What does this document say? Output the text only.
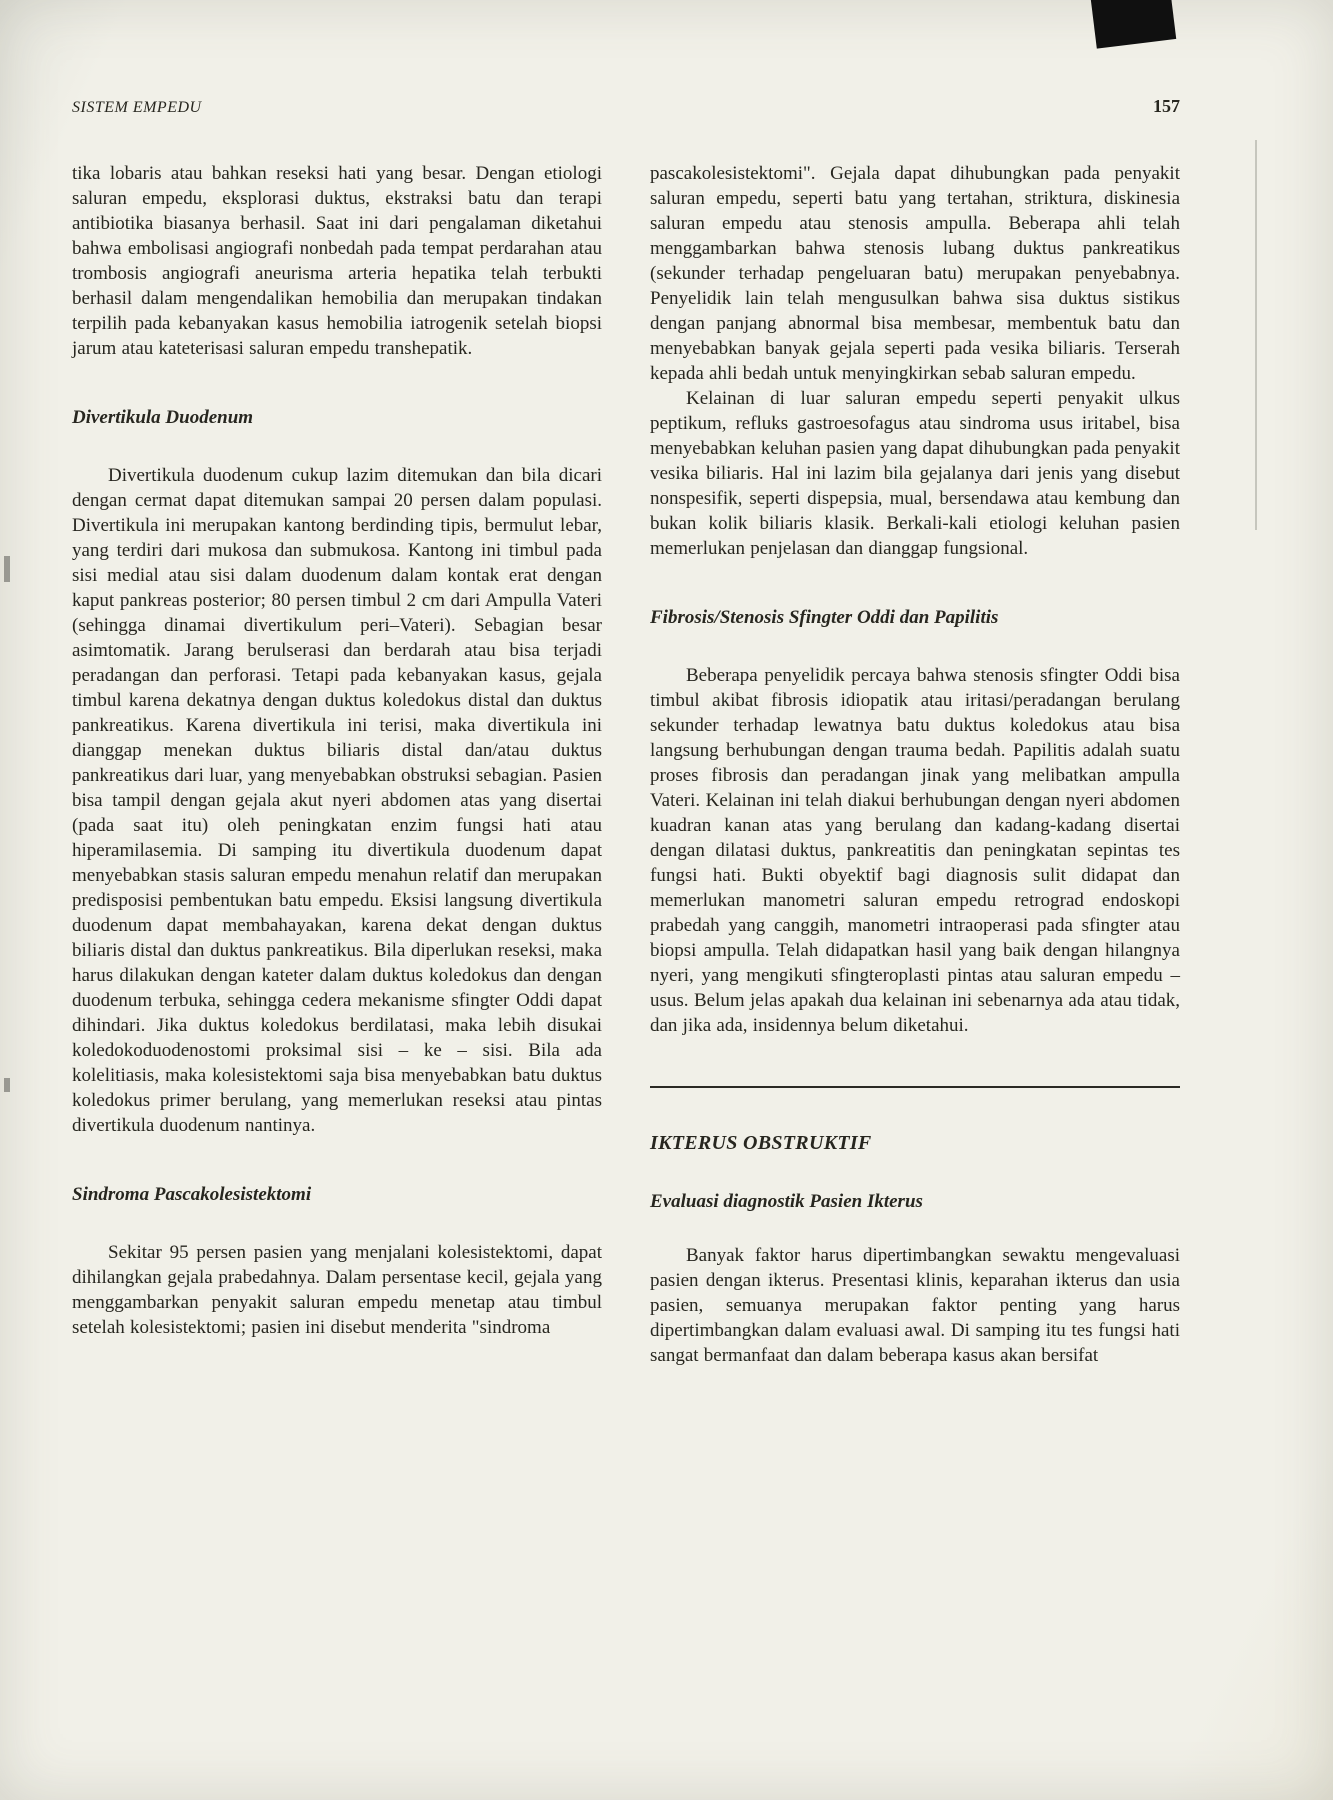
SISTEM EMPEDU	157

tika lobaris atau bahkan reseksi hati yang besar. Dengan etiologi saluran empedu, eksplorasi duktus, ekstraksi batu dan terapi antibiotika biasanya berhasil. Saat ini dari pengalaman diketahui bahwa embolisasi angiografi nonbedah pada tempat perdarahan atau trombosis angiografi aneurisma arteria hepatika telah terbukti berhasil dalam mengendalikan hemobilia dan merupakan tindakan terpilih pada kebanyakan kasus hemobilia iatrogenik setelah biopsi jarum atau kateterisasi saluran empedu transhepatik.

Divertikula Duodenum

Divertikula duodenum cukup lazim ditemukan dan bila dicari dengan cermat dapat ditemukan sampai 20 persen dalam populasi. Divertikula ini merupakan kantong berdinding tipis, bermulut lebar, yang terdiri dari mukosa dan submukosa. Kantong ini timbul pada sisi medial atau sisi dalam duodenum dalam kontak erat dengan kaput pankreas posterior; 80 persen timbul 2 cm dari Ampulla Vateri (sehingga dinamai divertikulum peri–Vateri). Sebagian besar asimtomatik. Jarang berulserasi dan berdarah atau bisa terjadi peradangan dan perforasi. Tetapi pada kebanyakan kasus, gejala timbul karena dekatnya dengan duktus koledokus distal dan duktus pankreatikus. Karena divertikula ini terisi, maka divertikula ini dianggap menekan duktus biliaris distal dan/atau duktus pankreatikus dari luar, yang menyebabkan obstruksi sebagian. Pasien bisa tampil dengan gejala akut nyeri abdomen atas yang disertai (pada saat itu) oleh peningkatan enzim fungsi hati atau hiperamilasemia. Di samping itu divertikula duodenum dapat menyebabkan stasis saluran empedu menahun relatif dan merupakan predisposisi pembentukan batu empedu. Eksisi langsung divertikula duodenum dapat membahayakan, karena dekat dengan duktus biliaris distal dan duktus pankreatikus. Bila diperlukan reseksi, maka harus dilakukan dengan kateter dalam duktus koledokus dan dengan duodenum terbuka, sehingga cedera mekanisme sfingter Oddi dapat dihindari. Jika duktus koledokus berdilatasi, maka lebih disukai koledokoduodenostomi proksimal sisi – ke – sisi. Bila ada kolelitiasis, maka kolesistektomi saja bisa menyebabkan batu duktus koledokus primer berulang, yang memerlukan reseksi atau pintas divertikula duodenum nantinya.

Sindroma Pascakolesistektomi

Sekitar 95 persen pasien yang menjalani kolesistektomi, dapat dihilangkan gejala prabedahnya. Dalam persentase kecil, gejala yang menggambarkan penyakit saluran empedu menetap atau timbul setelah kolesistektomi; pasien ini disebut menderita "sindroma

pascakolesistektomi". Gejala dapat dihubungkan pada penyakit saluran empedu, seperti batu yang tertahan, striktura, diskinesia saluran empedu atau stenosis ampulla. Beberapa ahli telah menggambarkan bahwa stenosis lubang duktus pankreatikus (sekunder terhadap pengeluaran batu) merupakan penyebabnya. Penyelidik lain telah mengusulkan bahwa sisa duktus sistikus dengan panjang abnormal bisa membesar, membentuk batu dan menyebabkan banyak gejala seperti pada vesika biliaris. Terserah kepada ahli bedah untuk menyingkirkan sebab saluran empedu.

Kelainan di luar saluran empedu seperti penyakit ulkus peptikum, refluks gastroesofagus atau sindroma usus iritabel, bisa menyebabkan keluhan pasien yang dapat dihubungkan pada penyakit vesika biliaris. Hal ini lazim bila gejalanya dari jenis yang disebut nonspesifik, seperti dispepsia, mual, bersendawa atau kembung dan bukan kolik biliaris klasik. Berkali-kali etiologi keluhan pasien memerlukan penjelasan dan dianggap fungsional.

Fibrosis/Stenosis Sfingter Oddi dan Papilitis

Beberapa penyelidik percaya bahwa stenosis sfingter Oddi bisa timbul akibat fibrosis idiopatik atau iritasi/peradangan berulang sekunder terhadap lewatnya batu duktus koledokus atau bisa langsung berhubungan dengan trauma bedah. Papilitis adalah suatu proses fibrosis dan peradangan jinak yang melibatkan ampulla Vateri. Kelainan ini telah diakui berhubungan dengan nyeri abdomen kuadran kanan atas yang berulang dan kadang-kadang disertai dengan dilatasi duktus, pankreatitis dan peningkatan sepintas tes fungsi hati. Bukti obyektif bagi diagnosis sulit didapat dan memerlukan manometri saluran empedu retrograd endoskopi prabedah yang canggih, manometri intraoperasi pada sfingter atau biopsi ampulla. Telah didapatkan hasil yang baik dengan hilangnya nyeri, yang mengikuti sfingteroplasti pintas atau saluran empedu – usus. Belum jelas apakah dua kelainan ini sebenarnya ada atau tidak, dan jika ada, insidennya belum diketahui.

IKTERUS OBSTRUKTIF
Evaluasi diagnostik Pasien Ikterus

Banyak faktor harus dipertimbangkan sewaktu mengevaluasi pasien dengan ikterus. Presentasi klinis, keparahan ikterus dan usia pasien, semuanya merupakan faktor penting yang harus dipertimbangkan dalam evaluasi awal. Di samping itu tes fungsi hati sangat bermanfaat dan dalam beberapa kasus akan bersifat
